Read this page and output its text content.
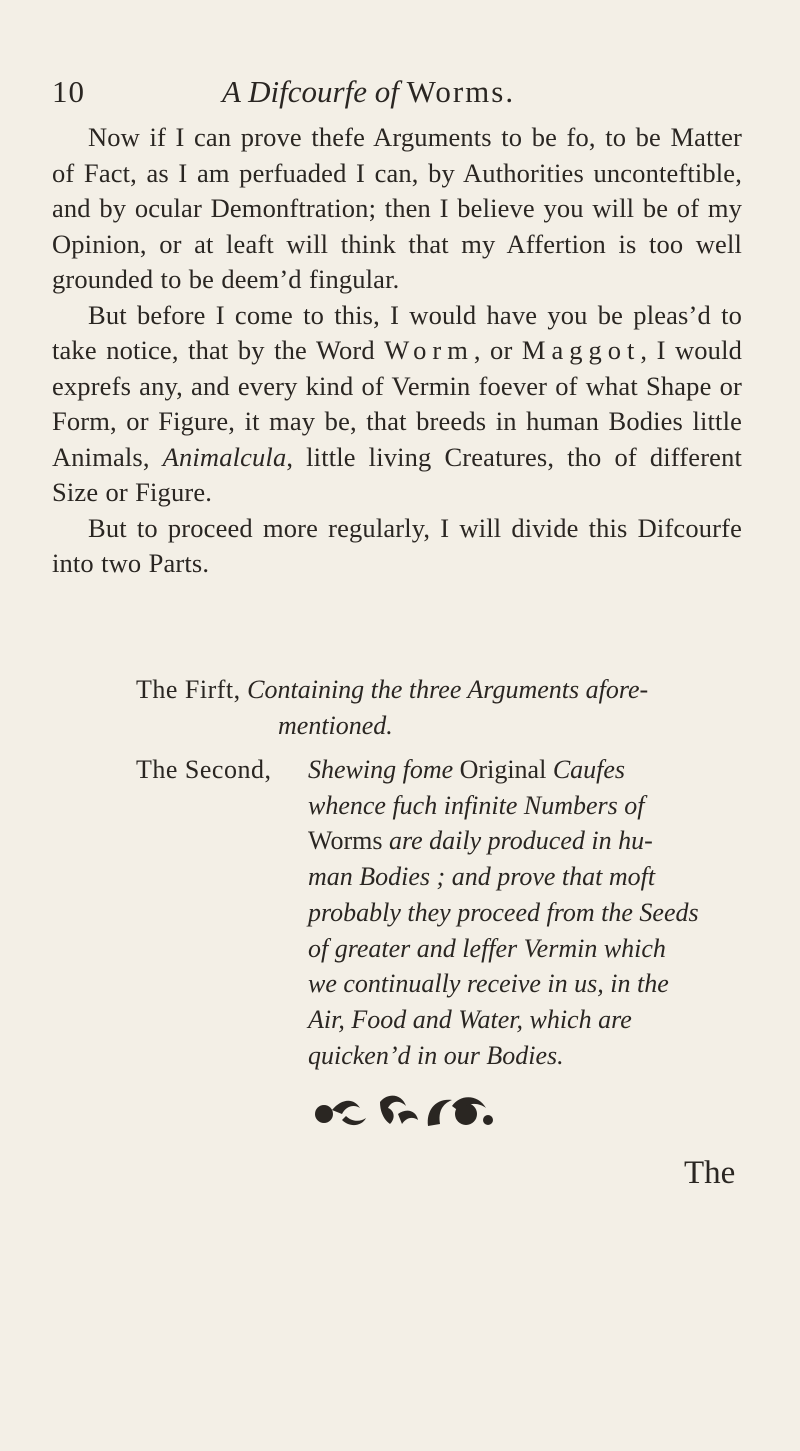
10	A Difcourfe of Worms.

Now if I can prove thefe Arguments to be fo, to be Matter of Fact, as I am perfuaded I can, by Authorities unconteftible, and by ocular Demonftration; then I believe you will be of my Opinion, or at leaft will think that my Affertion is too well grounded to be deem’d fingular.

But before I come to this, I would have you be pleas’d to take notice, that by the Word Worm, or Maggot, I would exprefs any, and every kind of Vermin foever of what Shape or Form, or Figure, it may be, that breeds in human Bodies little Animals, Animalcula, little living Creatures, tho of different Size or Figure.

But to proceed more regularly, I will divide this Difcourfe into two Parts.

The Firft, Containing the three Arguments afore-
mentioned.
The Second, Shewing fome Original Caufes
whence fuch infinite Numbers of
Worms are daily produced in hu-
man Bodies ; and prove that moft
probably they proceed from the Seeds
of greater and leffer Vermin which
we continually receive in us, in the
Air, Food and Water, which are
quicken’d in our Bodies.
The
